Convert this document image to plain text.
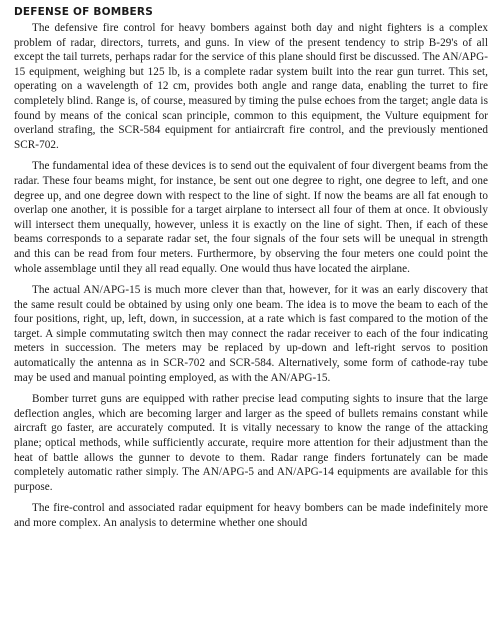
DEFENSE OF BOMBERS

The defensive fire control for heavy bombers against both day and night fighters is a complex problem of radar, directors, turrets, and guns. In view of the present tendency to strip B-29's of all except the tail turrets, perhaps radar for the service of this plane should first be discussed. The AN/APG-15 equipment, weighing but 125 lb, is a complete radar system built into the rear gun turret. This set, operating on a wavelength of 12 cm, provides both angle and range data, enabling the turret to fire completely blind. Range is, of course, measured by timing the pulse echoes from the target; angle data is found by means of the conical scan principle, common to this equipment, the Vulture equipment for overland strafing, the SCR-584 equipment for antiaircraft fire control, and the previously mentioned SCR-702.

The fundamental idea of these devices is to send out the equivalent of four divergent beams from the radar. These four beams might, for instance, be sent out one degree to right, one degree to left, and one degree up, and one degree down with respect to the line of sight. If now the beams are all fat enough to overlap one another, it is possible for a target airplane to intersect all four of them at once. It obviously will intersect them unequally, however, unless it is exactly on the line of sight. Then, if each of these beams corresponds to a separate radar set, the four signals of the four sets will be unequal in strength and this can be read from four meters. Furthermore, by observing the four meters one could point the whole assemblage until they all read equally. One would thus have located the airplane.

The actual AN/APG-15 is much more clever than that, however, for it was an early discovery that the same result could be obtained by using only one beam. The idea is to move the beam to each of the four positions, right, up, left, down, in succession, at a rate which is fast compared to the motion of the target. A simple commutating switch then may connect the radar receiver to each of the four indicating meters in succession. The meters may be replaced by up-down and left-right servos to position automatically the antenna as in SCR-702 and SCR-584. Alternatively, some form of cathode-ray tube may be used and manual pointing employed, as with the AN/APG-15.

Bomber turret guns are equipped with rather precise lead computing sights to insure that the large deflection angles, which are becoming larger and larger as the speed of bullets remains constant while aircraft go faster, are accurately computed. It is vitally necessary to know the range of the attacking plane; optical methods, while sufficiently accurate, require more attention for their adjustment than the heat of battle allows the gunner to devote to them. Radar range finders fortunately can be made completely automatic rather simply. The AN/APG-5 and AN/APG-14 equipments are available for this purpose.

The fire-control and associated radar equipment for heavy bombers can be made indefinitely more and more complex. An analysis to determine whether one should
